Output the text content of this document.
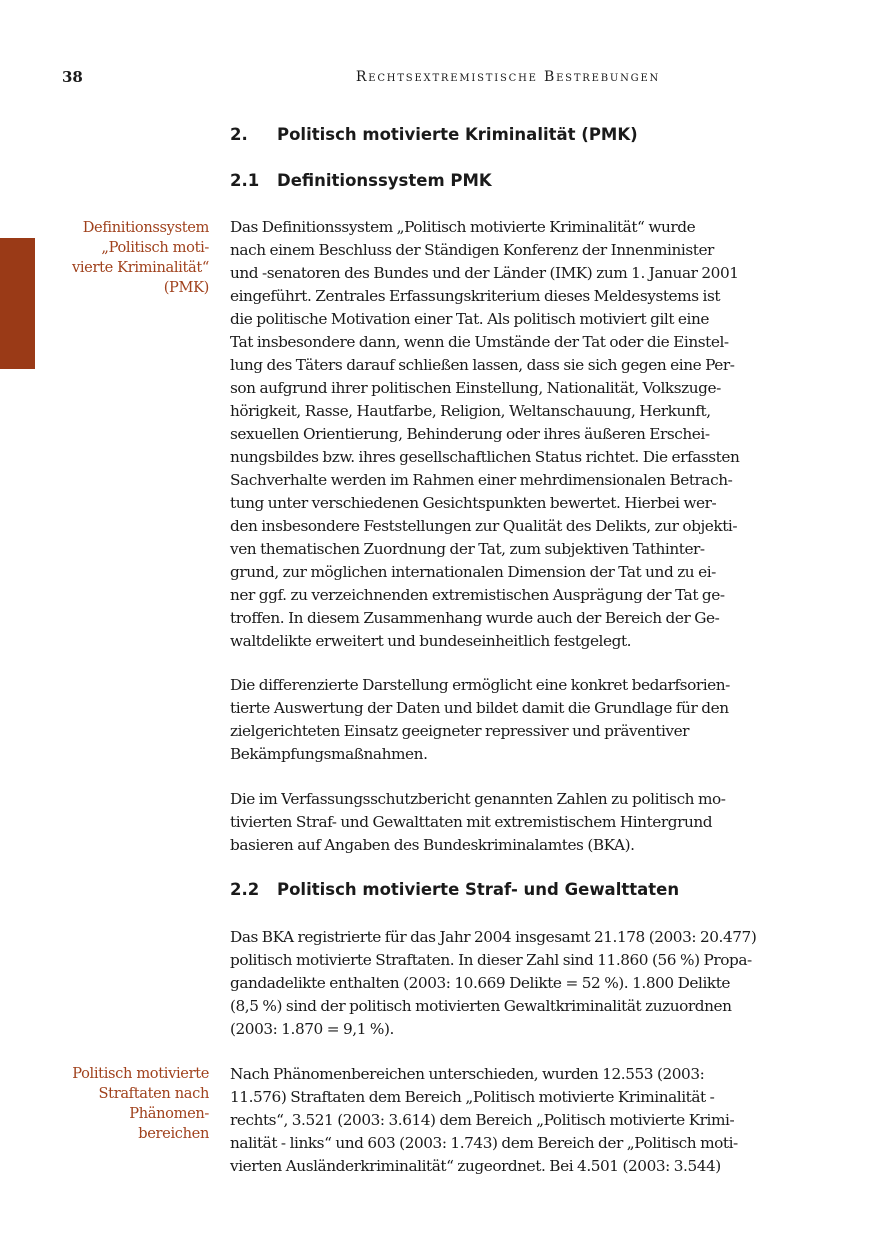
38	Rechtsextremistische Bestrebungen
2. Politisch motivierte Kriminalität (PMK)
2.1 Definitionssystem PMK
Definitionssystem
„Politisch moti-
vierte Kriminalität“
(PMK)
Das Definitionssystem „Politisch motivierte Kriminalität“ wurde
nach einem Beschluss der Ständigen Konferenz der Innenminister
und -senatoren des Bundes und der Länder (IMK) zum 1. Januar 2001
eingeführt. Zentrales Erfassungskriterium dieses Meldesystems ist
die politische Motivation einer Tat. Als politisch motiviert gilt eine
Tat insbesondere dann, wenn die Umstände der Tat oder die Einstel-
lung des Täters darauf schließen lassen, dass sie sich gegen eine Per-
son aufgrund ihrer politischen Einstellung, Nationalität, Volkszuge-
hörigkeit, Rasse, Hautfarbe, Religion, Weltanschauung, Herkunft,
sexuellen Orientierung, Behinderung oder ihres äußeren Erschei-
nungsbildes bzw. ihres gesellschaftlichen Status richtet. Die erfassten
Sachverhalte werden im Rahmen einer mehrdimensionalen Betrach-
tung unter verschiedenen Gesichtspunkten bewertet. Hierbei wer-
den insbesondere Feststellungen zur Qualität des Delikts, zur objekti-
ven thematischen Zuordnung der Tat, zum subjektiven Tathinter-
grund, zur möglichen internationalen Dimension der Tat und zu ei-
ner ggf. zu verzeichnenden extremistischen Ausprägung der Tat ge-
troffen. In diesem Zusammenhang wurde auch der Bereich der Ge-
waltdelikte erweitert und bundeseinheitlich festgelegt.
Die differenzierte Darstellung ermöglicht eine konkret bedarfsorien-
tierte Auswertung der Daten und bildet damit die Grundlage für den
zielgerichteten Einsatz geeigneter repressiver und präventiver
Bekämpfungsmaßnahmen.
Die im Verfassungsschutzbericht genannten Zahlen zu politisch mo-
tivierten Straf- und Gewalttaten mit extremistischem Hintergrund
basieren auf Angaben des Bundeskriminalamtes (BKA).
2.2 Politisch motivierte Straf- und Gewalttaten
Das BKA registrierte für das Jahr 2004 insgesamt 21.178 (2003: 20.477)
politisch motivierte Straftaten. In dieser Zahl sind 11.860 (56 %) Propa-
gandadelikte enthalten (2003: 10.669 Delikte = 52 %). 1.800 Delikte
(8,5 %) sind der politisch motivierten Gewaltkriminalität zuzuordnen
(2003: 1.870 = 9,1 %).
Politisch motivierte
Straftaten nach
Phänomen-
bereichen
Nach Phänomenbereichen unterschieden, wurden 12.553 (2003:
11.576) Straftaten dem Bereich „Politisch motivierte Kriminalität -
rechts“, 3.521 (2003: 3.614) dem Bereich „Politisch motivierte Krimi-
nalität - links“ und 603 (2003: 1.743) dem Bereich der „Politisch moti-
vierten Ausländerkriminalität“ zugeordnet. Bei 4.501 (2003: 3.544)
